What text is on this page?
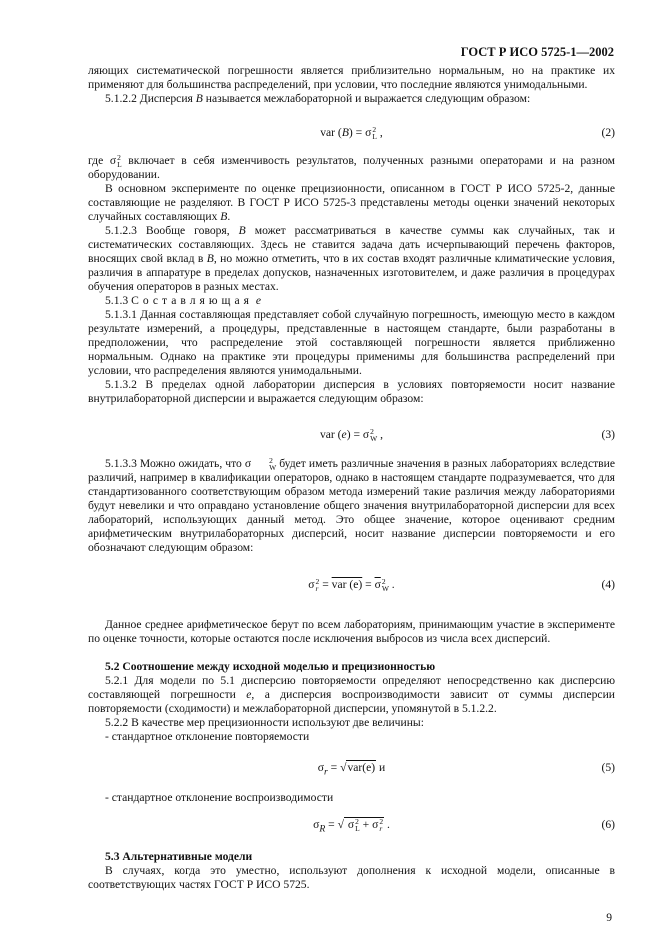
ГОСТ Р ИСО 5725-1—2002
ляющих систематической погрешности является приблизительно нормальным, но на практике их применяют для большинства распределений, при условии, что последние являются унимодальными.
5.1.2.2 Дисперсия B называется межлабораторной и выражается следующим образом:
var (B) = σ 2
L ,	(2)
где σ 2
L включает в себя изменчивость результатов, полученных разными операторами и на разном оборудовании.
В основном эксперименте по оценке прецизионности, описанном в ГОСТ Р ИСО 5725-2, данные составляющие не разделяют. В ГОСТ Р ИСО 5725-3 представлены методы оценки значений некоторых случайных составляющих B.
5.1.2.3 Вообще говоря, B может рассматриваться в качестве суммы как случайных, так и систематических составляющих. Здесь не ставится задача дать исчерпывающий перечень факторов, вносящих свой вклад в B, но можно отметить, что в их состав входят различные климатические условия, различия в аппаратуре в пределах допусков, назначенных изготовителем, и даже различия в процедурах обучения операторов в разных местах.
5.1.3 Составляющая e
5.1.3.1 Данная составляющая представляет собой случайную погрешность, имеющую место в каждом результате измерений, а процедуры, представленные в настоящем стандарте, были разработаны в предположении, что распределение этой составляющей погрешности является приближенно нормальным. Однако на практике эти процедуры применимы для большинства распределений при условии, что распределения являются унимодальными.
5.1.3.2 В пределах одной лаборатории дисперсия в условиях повторяемости носит название внутрилабораторной дисперсии и выражается следующим образом:
var (e) = σ 2
W ,	(3)
5.1.3.3 Можно ожидать, что σ	2
W будет иметь различные значения в разных лабораториях вследствие различий, например в квалификации операторов, однако в настоящем стандарте подразумевается, что для стандартизованного соответствующим образом метода измерений такие различия между лабораториями будут невелики и что оправдано установление общего значения внутрилабораторной дисперсии для всех лабораторий, использующих данный метод. Это общее значение, которое оценивают средним арифметическим внутрилабораторных дисперсий, носит название дисперсии повторяемости и его обозначают следующим образом:
σ 2
r = var (e) = σ 2
W .	(4)
Данное среднее арифметическое берут по всем лабораториям, принимающим участие в эксперименте по оценке точности, которые остаются после исключения выбросов из числа всех дисперсий.
5.2 Соотношение между исходной моделью и прецизионностью
5.2.1 Для модели по 5.1 дисперсию повторяемости определяют непосредственно как дисперсию составляющей погрешности e, а дисперсия воспроизводимости зависит от суммы дисперсии повторяемости (сходимости) и межлабораторной дисперсии, упомянутой в 5.1.2.2.
5.2.2 В качестве мер прецизионности используют две величины:
- стандартное отклонение повторяемости
$\sigma_r = √var(e)$ и	(5)
- стандартное отклонение воспроизводимости
$\sigma_R$ = √ σ 2
L + σ 2
r .	(6)
5.3 Альтернативные модели
В случаях, когда это уместно, используют дополнения к исходной модели, описанные в соответствующих частях ГОСТ Р ИСО 5725.
9
